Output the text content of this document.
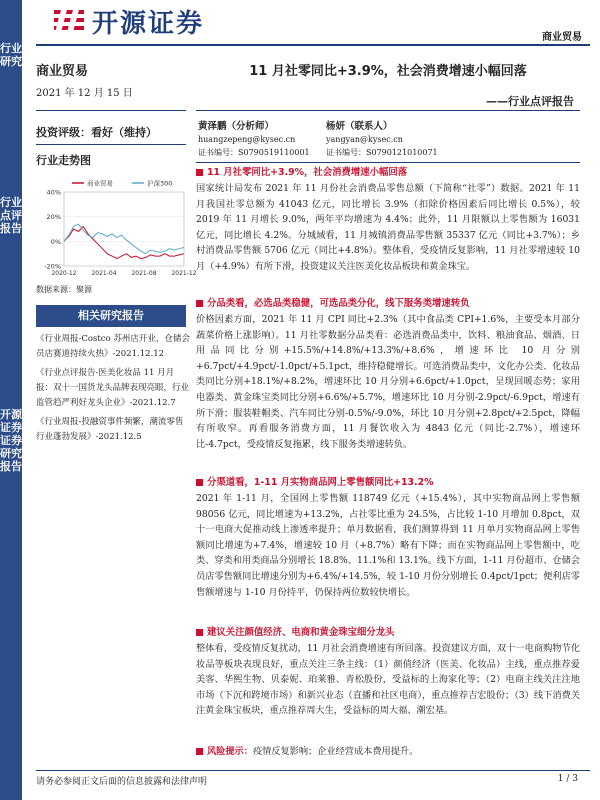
行业研究
行业点评报告
开源证券 证券研究报告
开源证券	商业贸易
商业贸易
2021 年 12 月 15 日
投资评级：看好（维持）
行业走势图
40%
20%
0%
-20%
2020-12 2021-04 2021-08 2021-12
商业贸易	沪深300
数据来源：聚源
相关研究报告
《行业周报-Costco 苏州店开业，仓储会员店赛道持续火热》-2021.12.12
《行业点评报告-医美化妆品 11 月月报：双十一国货龙头品牌表现亮眼，行业监管趋严利好龙头企业》-2021.12.7
《行业周报-投融资事件频繁，潮流零售行业蓬勃发展》-2021.12.5
11 月社零同比+3.9%，社会消费增速小幅回落
——行业点评报告
黄泽鹏（分析师）
huangzepeng@kysec.cn
证书编号：S0790519110001
杨妍（联系人）
yangyan@kysec.cn
证书编号：S0790121010071
11 月社零同比+3.9%，社会消费增速小幅回落
国家统计局发布 2021 年 11 月份社会消费品零售总额（下简称“社零”）数据。2021 年 11 月我国社零总额为 41043 亿元，同比增长 3.9%（扣除价格因素后同比增长 0.5%），较 2019 年 11 月增长 9.0%，两年平均增速为 4.4%；此外，11 月限额以上零售额为 16031 亿元，同比增长 4.2%。分城域看，11 月城镇消费品零售额 35337 亿元（同比+3.7%）；乡村消费品零售额 5706 亿元（同比+4.8%）。整体看，受疫情反复影响，11 月社零增速较 10 月（+4.9%）有所下滑，投资建议关注医美化妆品板块和黄金珠宝。
分品类看，必选品类稳健，可选品类分化，线下服务类增速转负
价格因素方面，2021 年 11 月 CPI 同比+2.3%（其中食品类 CPI+1.6%，主要受本月部分蔬菜价格上涨影响）。11 月社零数据分品类看：必选消费品类中，饮料、粮油食品、烟酒、日用品同比分别+15.5%/+14.8%/+13.3%/+8.6%，增速环比 10 月分别+6.7pct/+4.9pct/-1.0pct/+5.1pct，维持稳健增长。可选消费品类中，文化办公类、化妆品类同比分别+18.1%/+8.2%，增速环比 10 月分别+6.6pct/+1.0pct，呈现回暖态势；家用电器类、黄金珠宝类同比分别+6.6%/+5.7%，增速环比 10 月分别-2.9pct/-6.9pct，增速有所下滑；服装鞋帽类、汽车同比分别-0.5%/-9.0%，环比 10 月分别+2.8pct/+2.5pct，降幅有所收窄。再看服务消费方面，11 月餐饮收入为 4843 亿元（同比-2.7%），增速环比-4.7pct，受疫情反复拖累，线下服务类增速转负。
分渠道看，1-11 月实物商品网上零售额同比+13.2%
2021 年 1-11 月，全国网上零售额 118749 亿元（+15.4%），其中实物商品网上零售额 98056 亿元，同比增速为+13.2%，占社零比重为 24.5%，占比较 1-10 月增加 0.8pct，双十一电商大促推动线上渗透率提升；单月数据看，我们测算得到 11 月单月实物商品网上零售额同比增速为+7.4%，增速较 10 月（+8.7%）略有下降；而在实物商品网上零售额中，吃类、穿类和用类商品分别增长 18.8%、11.1%和 13.1%。线下方面，1-11 月份超市、仓储会员店零售额同比增速分别为+6.4%/+14.5%，较 1-10 月份分别增长 0.4pct/1pct；便利店零售额增速与 1-10 月份持平，仍保持两位数较快增长。
建议关注颜值经济、电商和黄金珠宝细分龙头
整体看，受疫情反复扰动，11 月社会消费增速有所回落。投资建议方面，双十一电商购物节化妆品等板块表现良好，重点关注三条主线：（1）颜值经济（医美、化妆品）主线，重点推荐爱美客、华熙生物、贝泰妮、珀莱雅、青松股份，受益标的上海家化等；（2）电商主线关注注地市场（下沉和跨境市场）和新兴业态（直播和社区电商），重点推荐吉宏股份；（3）线下消费关注黄金珠宝板块，重点推荐周大生，受益标的周大福、潮宏基。
风险提示：疫情反复影响；企业经营成本费用提升。
请务必参阅正文后面的信息披露和法律声明	1 / 3
